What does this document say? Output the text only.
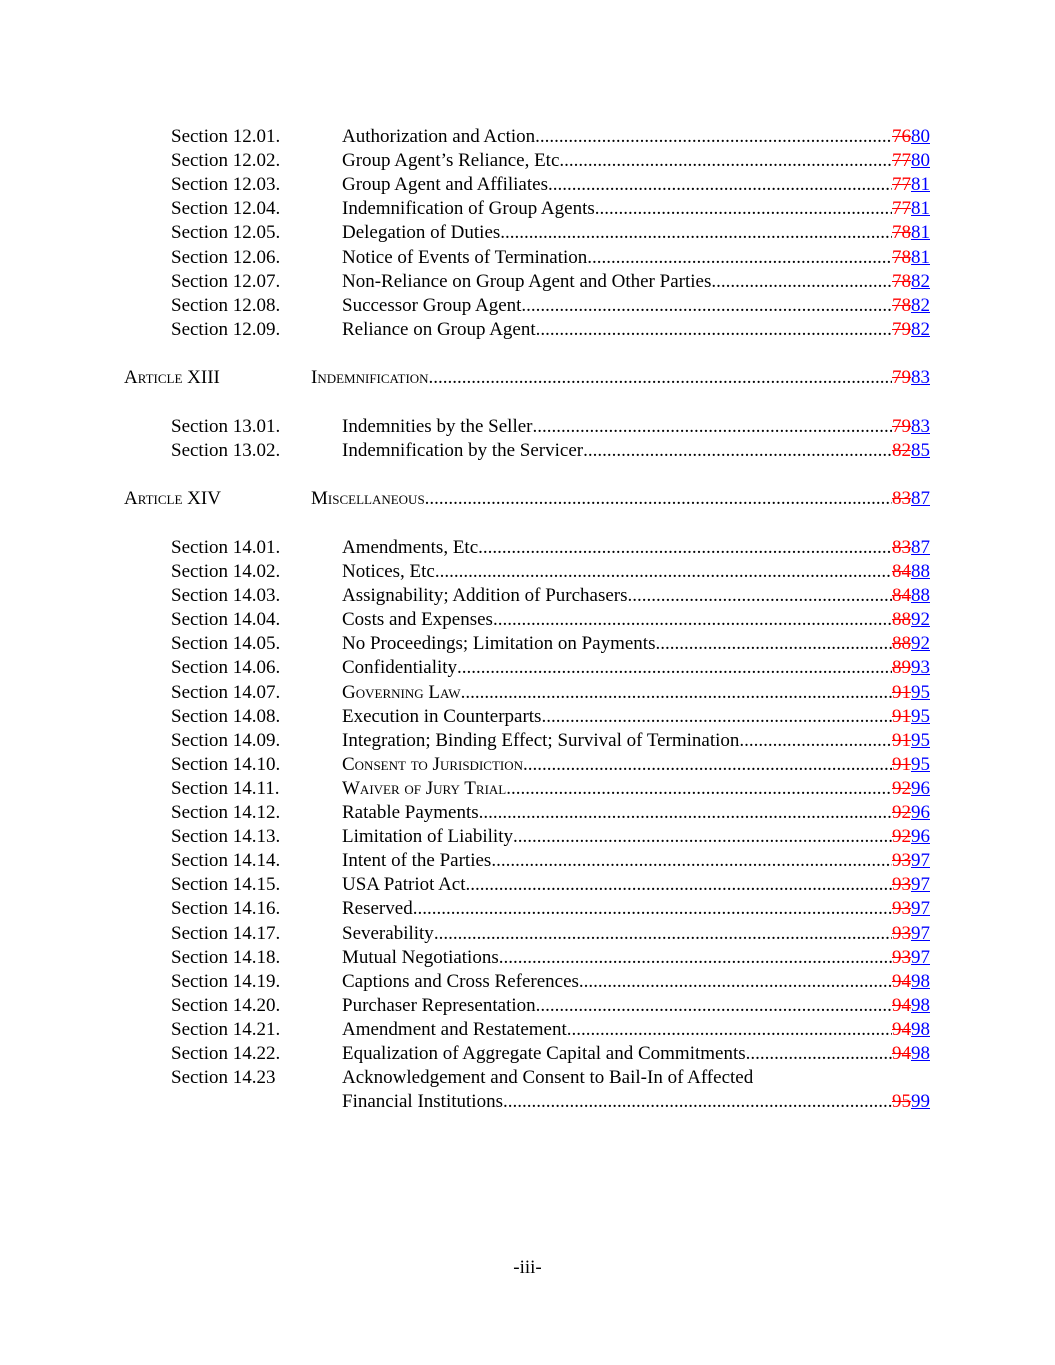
Section 12.01.	Authorization and Action .....	7680
Section 12.02.	Group Agent’s Reliance, Etc .....	7780
Section 12.03.	Group Agent and Affiliates .....	7781
Section 12.04.	Indemnification of Group Agents .....	7781
Section 12.05.	Delegation of Duties .....	7881
Section 12.06.	Notice of Events of Termination .....	7881
Section 12.07.	Non-Reliance on Group Agent and Other Parties .....	7882
Section 12.08.	Successor Group Agent .....	7882
Section 12.09.	Reliance on Group Agent .....	7982
Article XIII	Indemnification .....	7983
Section 13.01.	Indemnities by the Seller .....	7983
Section 13.02.	Indemnification by the Servicer .....	8285
Article XIV	Miscellaneous .....	8387
Section 14.01.	Amendments, Etc .....	8387
Section 14.02.	Notices, Etc .....	8488
Section 14.03.	Assignability; Addition of Purchasers .....	8488
Section 14.04.	Costs and Expenses .....	8892
Section 14.05.	No Proceedings; Limitation on Payments .....	8892
Section 14.06.	Confidentiality .....	8993
Section 14.07.	Governing Law .....	9195
Section 14.08.	Execution in Counterparts .....	9195
Section 14.09.	Integration; Binding Effect; Survival of Termination .....	9195
Section 14.10.	Consent to Jurisdiction .....	9195
Section 14.11.	Waiver of Jury Trial .....	9296
Section 14.12.	Ratable Payments .....	9296
Section 14.13.	Limitation of Liability .....	9296
Section 14.14.	Intent of the Parties .....	9397
Section 14.15.	USA Patriot Act .....	9397
Section 14.16.	Reserved .....	9397
Section 14.17.	Severability .....	9397
Section 14.18.	Mutual Negotiations .....	9397
Section 14.19.	Captions and Cross References .....	9498
Section 14.20.	Purchaser Representation .....	9498
Section 14.21.	Amendment and Restatement .....	9498
Section 14.22.	Equalization of Aggregate Capital and Commitments .....	9498
Section 14.23	Acknowledgement and Consent to Bail-In of Affected
Financial Institutions .....	9599
-iii-
